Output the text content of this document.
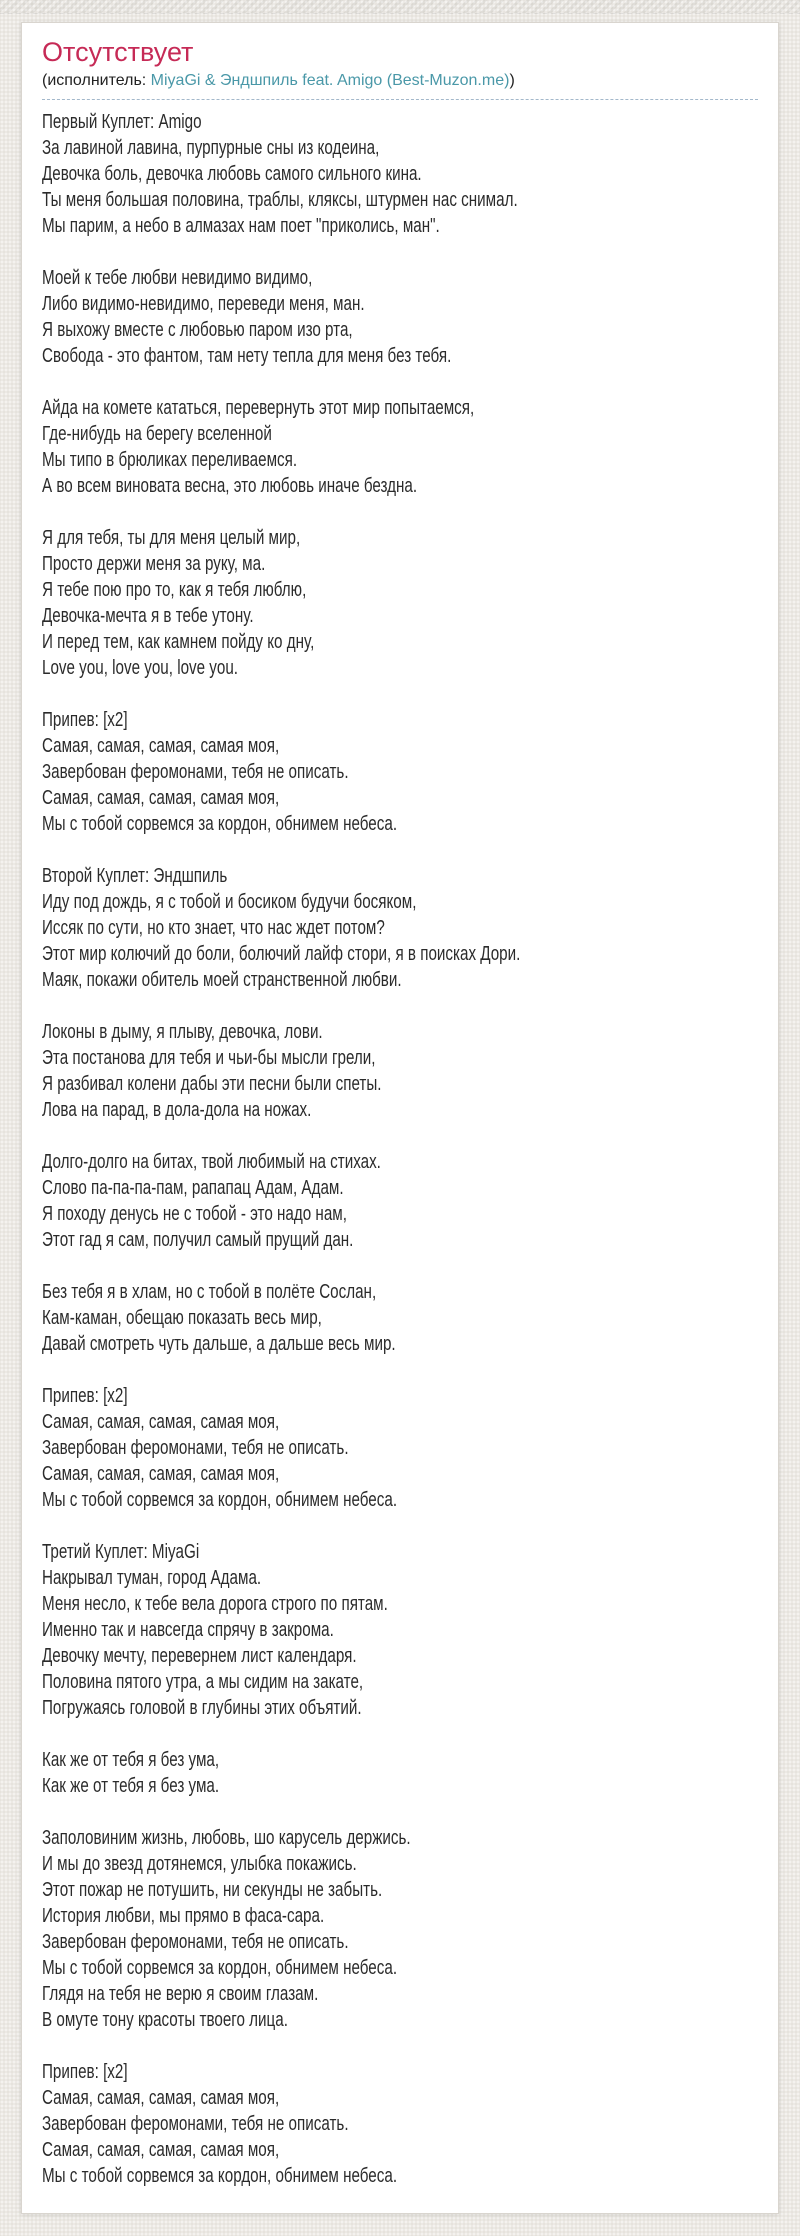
Отсутствует
(исполнитель: MiyaGi & Эндшпиль feat. Amigo (Best-Muzon.me))
Первый Куплет: Amigo
За лавиной лавина, пурпурные сны из кодеина,
Девочка боль, девочка любовь самого сильного кина.
Ты меня большая половина, траблы, кляксы, штурмен нас снимал.
Мы парим, а небо в алмазах нам поет "приколись, ман".

Моей к тебе любви невидимо видимо,
Либо видимо-невидимо, переведи меня, ман.
Я выхожу вместе с любовью паром изо рта,
Свобода - это фантом, там нету тепла для меня без тебя.

Айда на комете кататься, перевернуть этот мир попытаемся,
Где-нибудь на берегу вселенной
Мы типо в брюликах переливаемся.
А во всем виновата весна, это любовь иначе бездна.

Я для тебя, ты для меня целый мир,
Просто держи меня за руку, ма.
Я тебе пою про то, как я тебя люблю,
Девочка-мечта я в тебе утону.
И перед тем, как камнем пойду ко дну,
Love you, love you, love you.

Припев: [x2]
Самая, самая, самая, самая моя,
Завербован феромонами, тебя не описать.
Самая, самая, самая, самая моя,
Мы с тобой сорвемся за кордон, обнимем небеса.

Второй Куплет: Эндшпиль
Иду под дождь, я с тобой и босиком будучи босяком,
Иссяк по сути, но кто знает, что нас ждет потом?
Этот мир колючий до боли, болючий лайф стори, я в поисках Дори.
Маяк, покажи обитель моей странственной любви.

Локоны в дыму, я плыву, девочка, лови.
Эта постанова для тебя и чьи-бы мысли грели,
Я разбивал колени дабы эти песни были спеты.
Лова на парад, в дола-дола на ножах.

Долго-долго на битах, твой любимый на стихах.
Слово па-па-па-пам, рапапац Адам, Адам.
Я походу денусь не с тобой - это надо нам,
Этот гад я сам, получил самый прущий дан.

Без тебя я в хлам, но с тобой в полёте Сослан,
Кам-каман, обещаю показать весь мир,
Давай смотреть чуть дальше, а дальше весь мир.

Припев: [x2]
Самая, самая, самая, самая моя,
Завербован феромонами, тебя не описать.
Самая, самая, самая, самая моя,
Мы с тобой сорвемся за кордон, обнимем небеса.

Третий Куплет: MiyaGi
Накрывал туман, город Адама.
Меня несло, к тебе вела дорога строго по пятам.
Именно так и навсегда спрячу в закрома.
Девочку мечту, перевернем лист календаря.
Половина пятого утра, а мы сидим на закате,
Погружаясь головой в глубины этих объятий.

Как же от тебя я без ума,
Как же от тебя я без ума.

Заполовиним жизнь, любовь, шо карусель держись.
И мы до звезд дотянемся, улыбка покажись.
Этот пожар не потушить, ни секунды не забыть.
История любви, мы прямо в фаса-сара.
Завербован феромонами, тебя не описать.
Мы с тобой сорвемся за кордон, обнимем небеса.
Глядя на тебя не верю я своим глазам.
В омуте тону красоты твоего лица.

Припев: [x2]
Самая, самая, самая, самая моя,
Завербован феромонами, тебя не описать.
Самая, самая, самая, самая моя,
Мы с тобой сорвемся за кордон, обнимем небеса.
